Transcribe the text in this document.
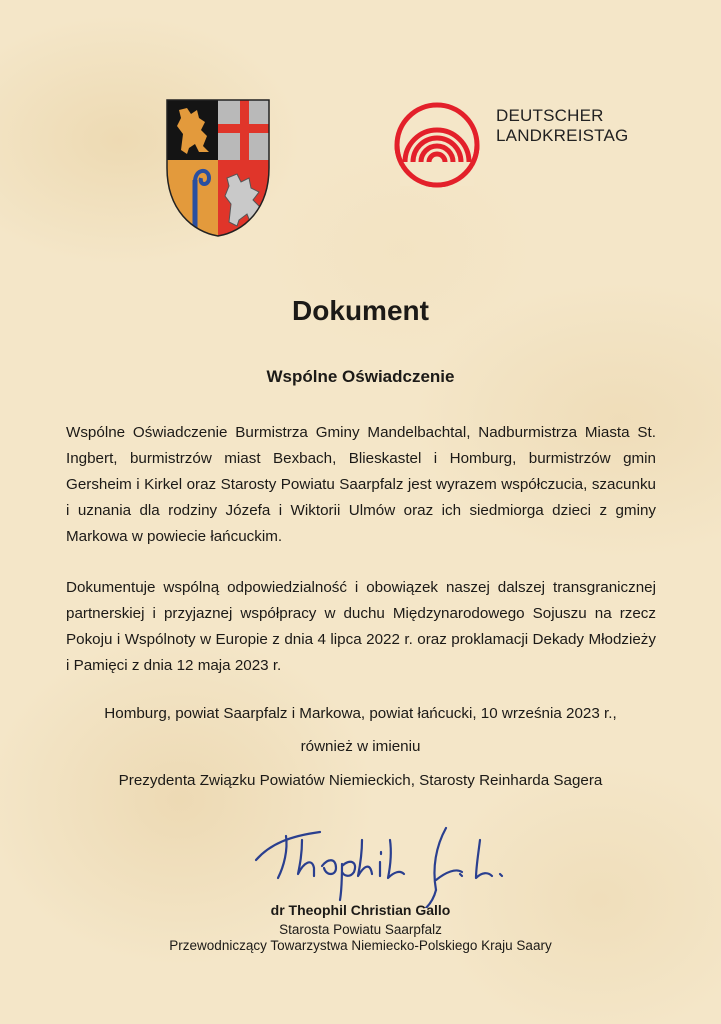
DEUTSCHER
LANDKREISTAG
Dokument
Wspólne Oświadczenie
Wspólne Oświadczenie Burmistrza Gminy Mandelbachtal, Nadburmistrza Miasta St. Ingbert, burmistrzów miast Bexbach, Blieskastel i Homburg, burmistrzów gmin Gersheim i Kirkel oraz Starosty Powiatu Saarpfalz jest wyrazem współczucia, szacunku i uznania dla rodziny Józefa i Wiktorii Ulmów oraz ich siedmiorga dzieci z gminy Markowa w powiecie łańcuckim.
Dokumentuje wspólną odpowiedzialność i obowiązek naszej dalszej transgranicznej partnerskiej i przyjaznej współpracy w duchu Międzynarodowego Sojuszu na rzecz Pokoju i Wspólnoty w Europie z dnia 4 lipca 2022 r. oraz proklamacji Dekady Młodzieży i Pamięci z dnia 12 maja 2023 r.
Homburg, powiat Saarpfalz i Markowa, powiat łańcucki, 10 września 2023 r.,
również w imieniu
Prezydenta Związku Powiatów Niemieckich, Starosty Reinharda Sagera
dr Theophil Christian Gallo
Starosta Powiatu Saarpfalz
Przewodniczący Towarzystwa Niemiecko-Polskiego Kraju Saary
